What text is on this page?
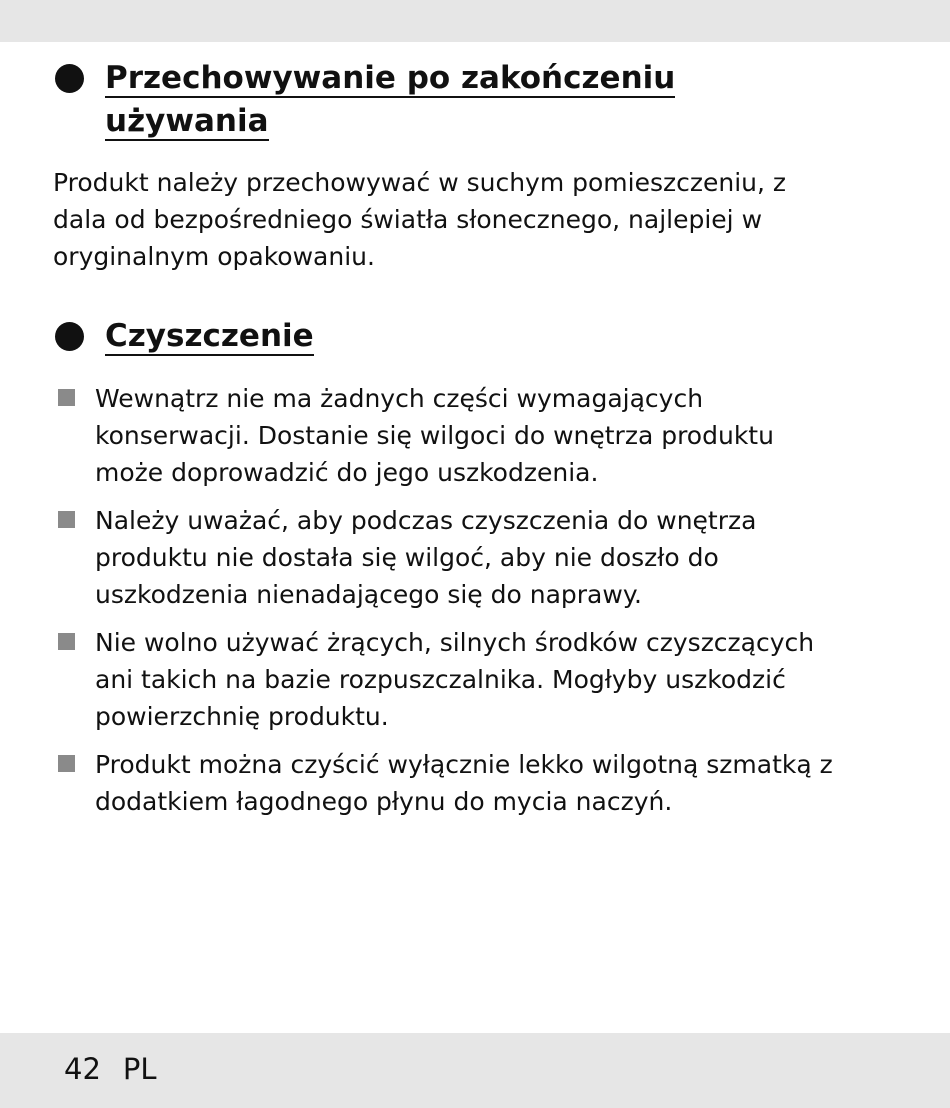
Przechowywanie po zakończeniu
używania

Produkt należy przechowywać w suchym pomieszczeniu, z
dala od bezpośredniego światła słonecznego, najlepiej w
oryginalnym opakowaniu.

Czyszczenie
Wewnątrz nie ma żadnych części wymagających
konserwacji. Dostanie się wilgoci do wnętrza produktu
może doprowadzić do jego uszkodzenia.
Należy uważać, aby podczas czyszczenia do wnętrza
produktu nie dostała się wilgoć, aby nie doszło do
uszkodzenia nienadającego się do naprawy.
Nie wolno używać żrących, silnych środków czyszczących
ani takich na bazie rozpuszczalnika. Mogłyby uszkodzić
powierzchnię produktu.
Produkt można czyścić wyłącznie lekko wilgotną szmatką z
dodatkiem łagodnego płynu do mycia naczyń.
42 PL
